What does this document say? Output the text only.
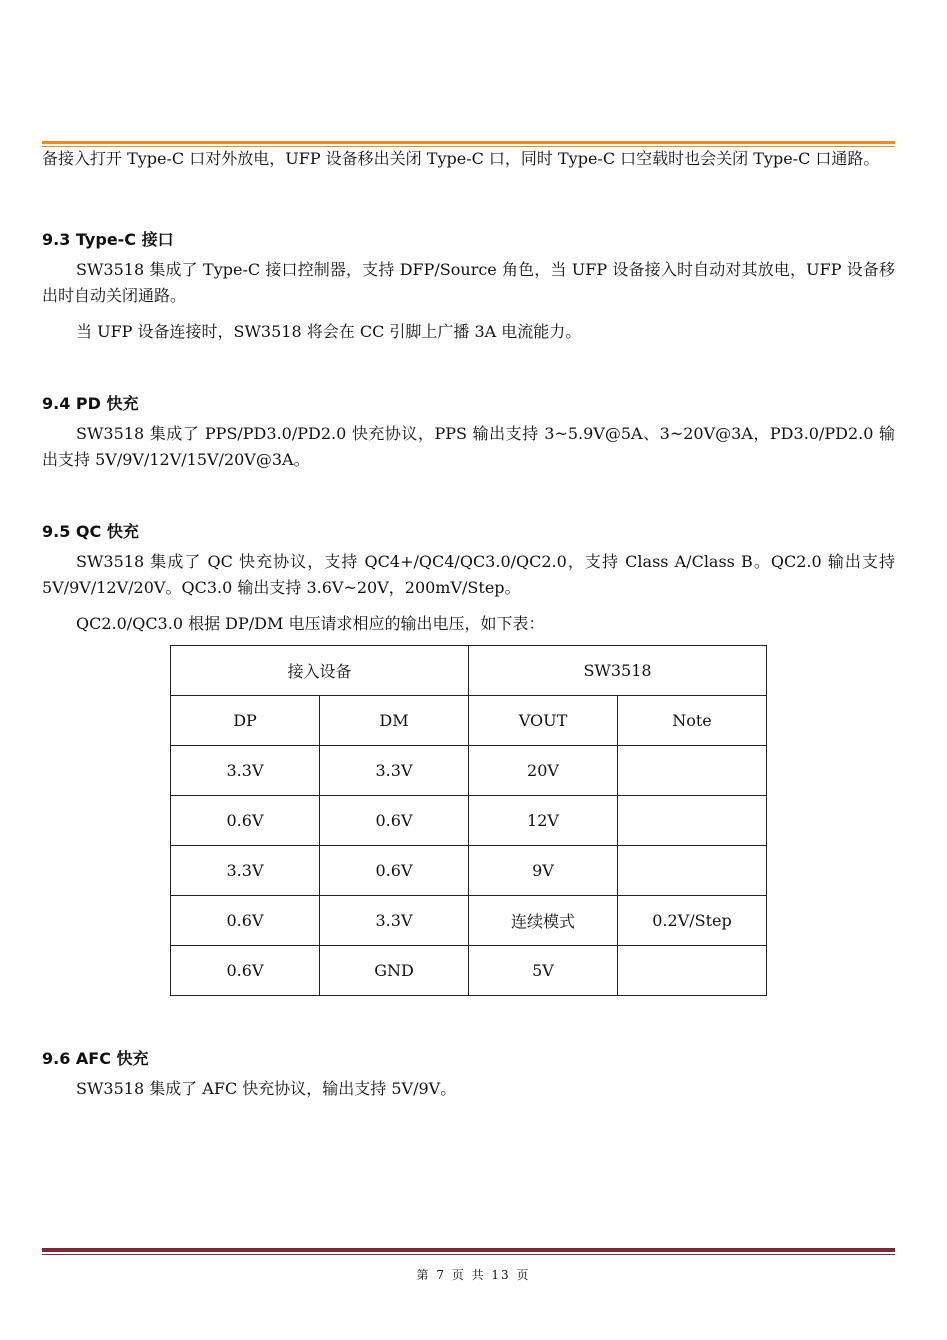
备接入打开 Type-C 口对外放电，UFP 设备移出关闭 Type-C 口，同时 Type-C 口空载时也会关闭 Type-C 口通路。

9.3 Type-C 接口

SW3518 集成了 Type-C 接口控制器，支持 DFP/Source 角色，当 UFP 设备接入时自动对其放电，UFP 设备移出时自动关闭通路。

当 UFP 设备连接时，SW3518 将会在 CC 引脚上广播 3A 电流能力。

9.4 PD 快充

SW3518 集成了 PPS/PD3.0/PD2.0 快充协议，PPS 输出支持 3~5.9V@5A、3~20V@3A，PD3.0/PD2.0 输出支持 5V/9V/12V/15V/20V@3A。

9.5 QC 快充

SW3518 集成了 QC 快充协议，支持 QC4+/QC4/QC3.0/QC2.0，支持 Class A/Class B。QC2.0 输出支持 5V/9V/12V/20V。QC3.0 输出支持 3.6V~20V，200mV/Step。

QC2.0/QC3.0 根据 DP/DM 电压请求相应的输出电压，如下表：

接入设备		SW3518	
DP	DM	VOUT	Note
3.3V	3.3V	20V	
0.6V	0.6V	12V	
3.3V	0.6V	9V	
0.6V	3.3V	连续模式	0.2V/Step
0.6V	GND	5V	
9.6 AFC 快充

SW3518 集成了 AFC 快充协议，输出支持 5V/9V。

第 7 页 共 13 页
